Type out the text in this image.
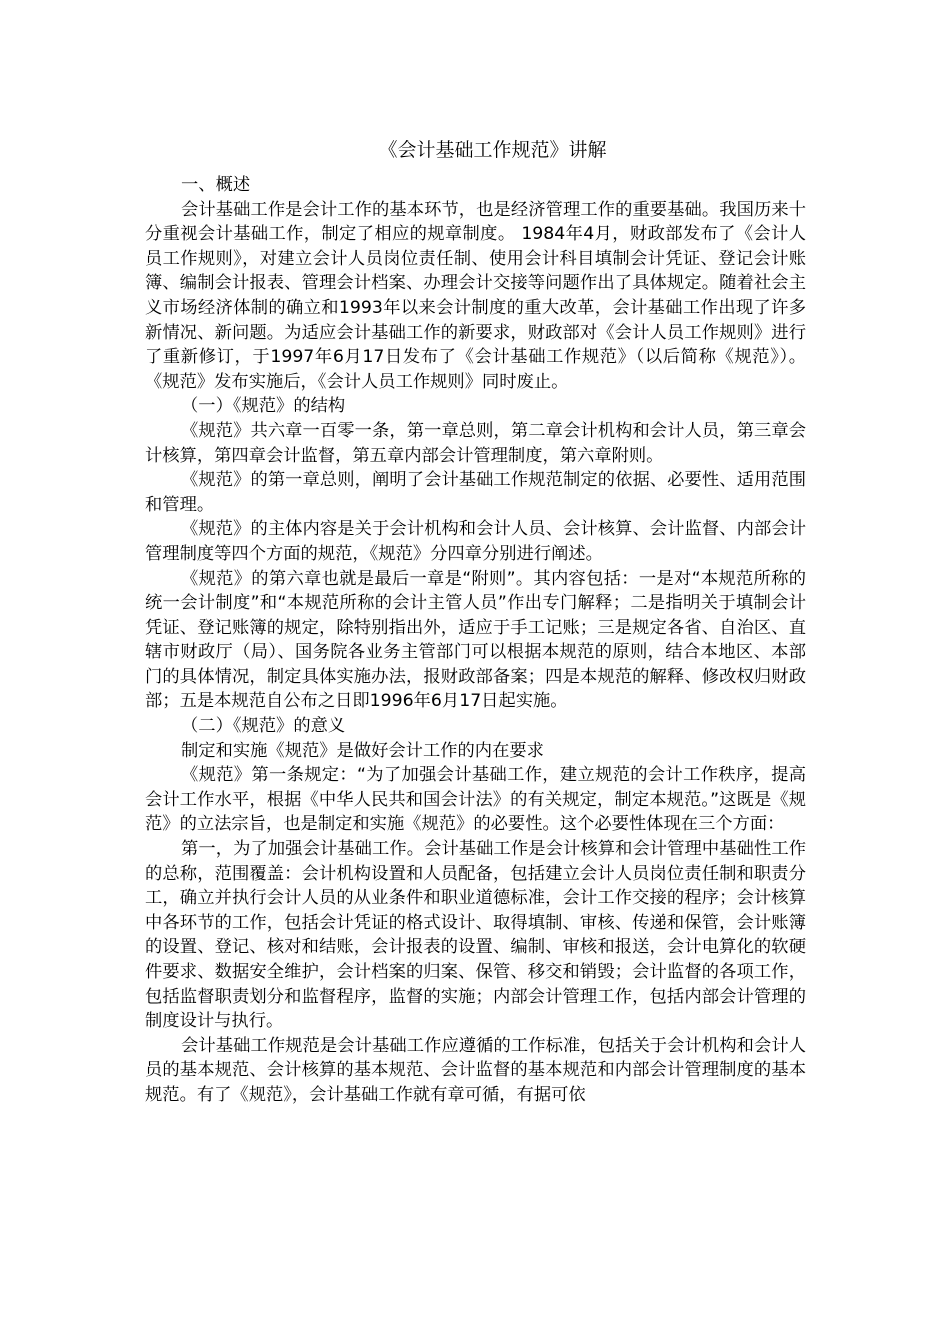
《会计基础工作规范》讲解

一、概述

会计基础工作是会计工作的基本环节，也是经济管理工作的重要基础。我国历来十分重视会计基础工作，制定了相应的规章制度。 1984年4月，财政部发布了《会计人员工作规则》，对建立会计人员岗位责任制、使用会计科目填制会计凭证、登记会计账簿、编制会计报表、管理会计档案、办理会计交接等问题作出了具体规定。随着社会主义市场经济体制的确立和1993年以来会计制度的重大改革，会计基础工作出现了许多新情况、新问题。为适应会计基础工作的新要求，财政部对《会计人员工作规则》进行了重新修订，于1997年6月17日发布了《会计基础工作规范》（以后简称《规范》）。《规范》发布实施后，《会计人员工作规则》同时废止。

（一）《规范》的结构

《规范》共六章一百零一条，第一章总则，第二章会计机构和会计人员，第三章会计核算，第四章会计监督，第五章内部会计管理制度，第六章附则。

《规范》的第一章总则，阐明了会计基础工作规范制定的依据、必要性、适用范围和管理。

《规范》的主体内容是关于会计机构和会计人员、会计核算、会计监督、内部会计管理制度等四个方面的规范，《规范》分四章分别进行阐述。

《规范》的第六章也就是最后一章是“附则”。其内容包括：一是对“本规范所称的统一会计制度”和“本规范所称的会计主管人员”作出专门解释；二是指明关于填制会计凭证、登记账簿的规定，除特别指出外，适应于手工记账；三是规定各省、自治区、直辖市财政厅（局）、国务院各业务主管部门可以根据本规范的原则，结合本地区、本部门的具体情况，制定具体实施办法，报财政部备案；四是本规范的解释、修改权归财政部；五是本规范自公布之日即1996年6月17日起实施。

（二）《规范》的意义

制定和实施《规范》是做好会计工作的内在要求

《规范》第一条规定：“为了加强会计基础工作，建立规范的会计工作秩序，提高会计工作水平，根据《中华人民共和国会计法》的有关规定，制定本规范。”这既是《规范》的立法宗旨，也是制定和实施《规范》的必要性。这个必要性体现在三个方面：

第一，为了加强会计基础工作。会计基础工作是会计核算和会计管理中基础性工作的总称，范围覆盖：会计机构设置和人员配备，包括建立会计人员岗位责任制和职责分工，确立并执行会计人员的从业条件和职业道德标准，会计工作交接的程序；会计核算中各环节的工作，包括会计凭证的格式设计、取得填制、审核、传递和保管，会计账簿的设置、登记、核对和结账，会计报表的设置、编制、审核和报送，会计电算化的软硬件要求、数据安全维护，会计档案的归案、保管、移交和销毁；会计监督的各项工作，包括监督职责划分和监督程序，监督的实施；内部会计管理工作，包括内部会计管理的制度设计与执行。

会计基础工作规范是会计基础工作应遵循的工作标准，包括关于会计机构和会计人员的基本规范、会计核算的基本规范、会计监督的基本规范和内部会计管理制度的基本规范。有了《规范》，会计基础工作就有章可循，有据可依
